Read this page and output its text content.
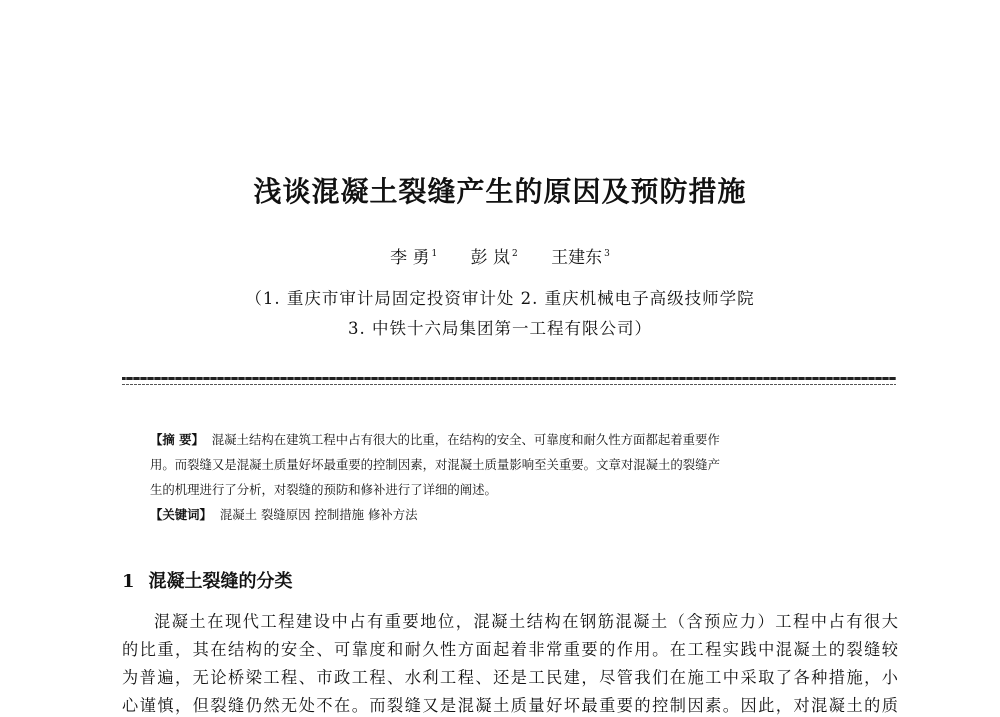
浅谈混凝土裂缝产生的原因及预防措施
李 勇 $^1$ 彭 岚 $^2$ 王建东 $^3$
（1. 重庆市审计局固定投资审计处 2. 重庆机械电子高级技师学院
3. 中铁十六局集团第一工程有限公司）
【摘 要】 混凝土结构在建筑工程中占有很大的比重，在结构的安全、可靠度和耐久性方面都起着重要作
用。而裂缝又是混凝土质量好坏最重要的控制因素，对混凝土质量影响至关重要。文章对混凝土的裂缝产
生的机理进行了分析，对裂缝的预防和修补进行了详细的阐述。
【关键词】 混凝土 裂缝原因 控制措施 修补方法
1 混凝土裂缝的分类
混凝土在现代工程建设中占有重要地位，混凝土结构在钢筋混凝土（含预应力）工程中占有很大
的比重，其在结构的安全、可靠度和耐久性方面起着非常重要的作用。在工程实践中混凝土的裂缝较
为普遍，无论桥梁工程、市政工程、水利工程、还是工民建，尽管我们在施工中采取了各种措施，小
心谨慎，但裂缝仍然无处不在。而裂缝又是混凝土质量好坏最重要的控制因素。因此，对混凝土的质
